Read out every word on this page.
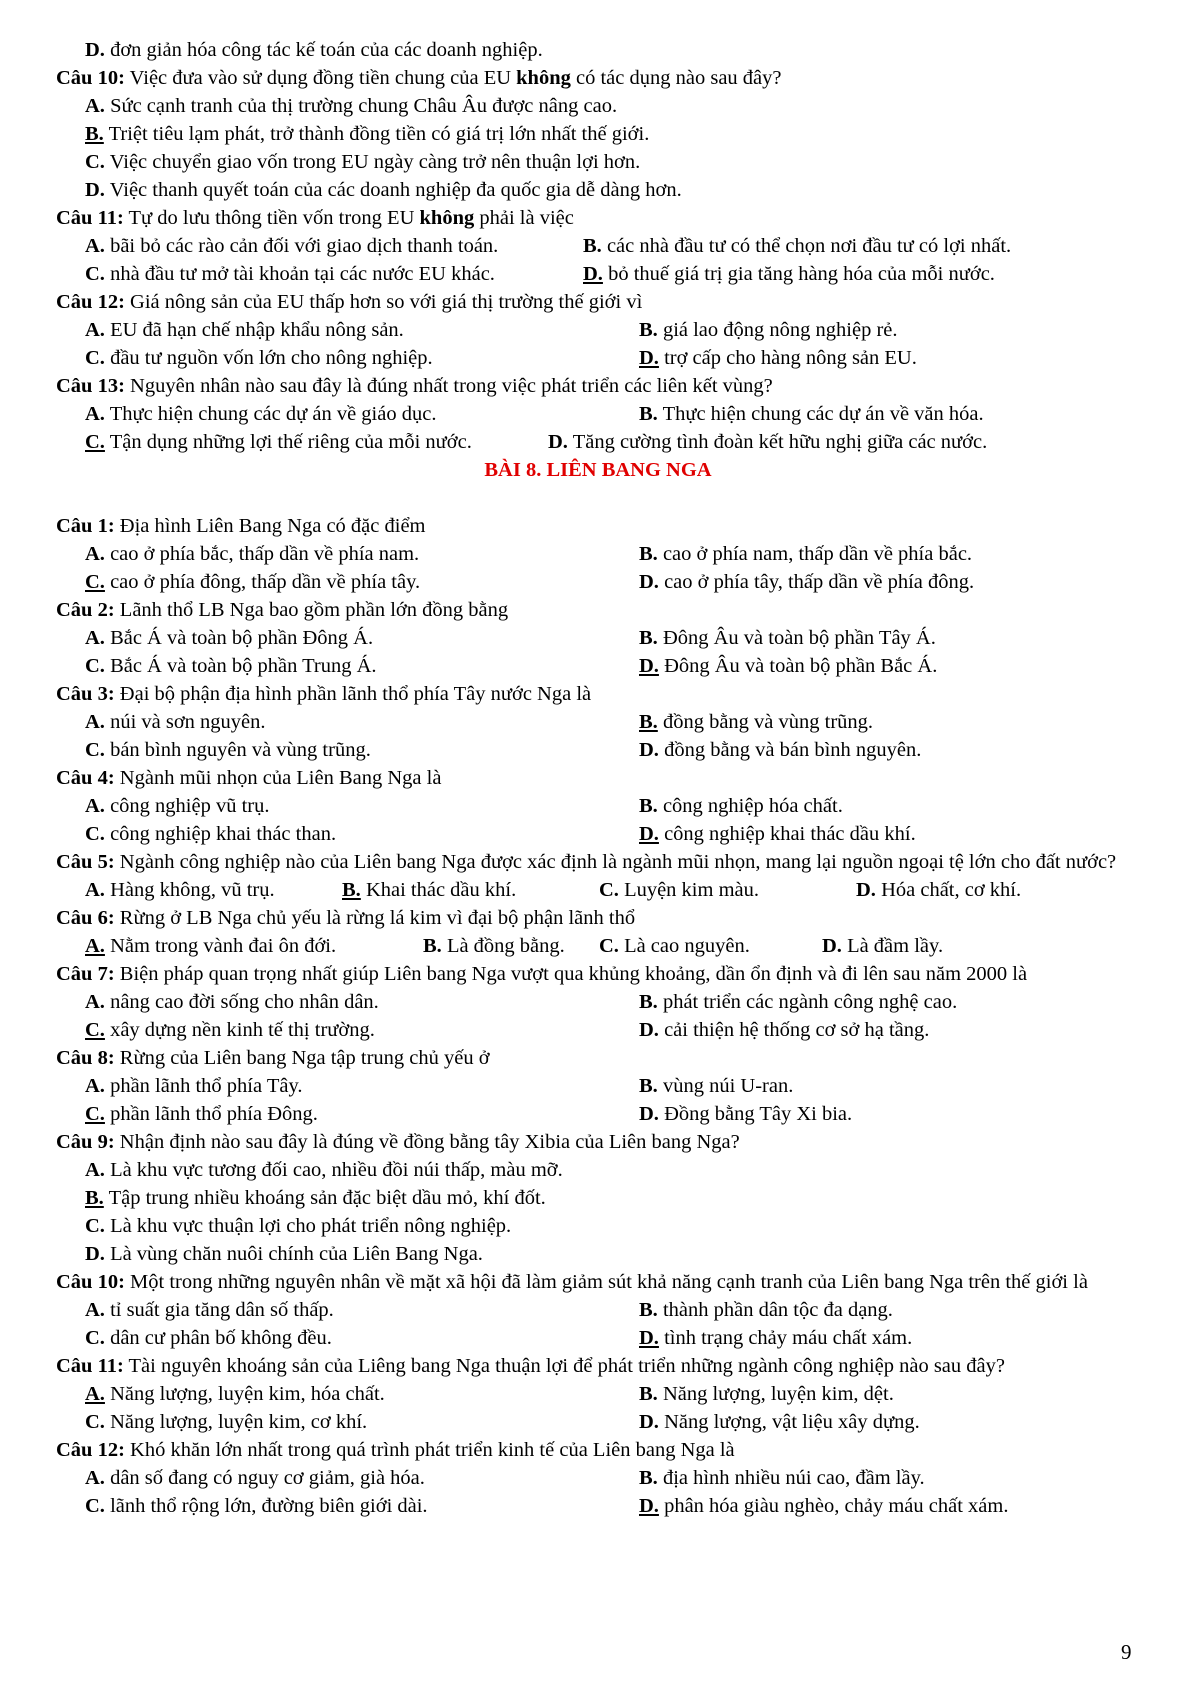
D. đơn giản hóa công tác kế toán của các doanh nghiệp.
Câu 10: Việc đưa vào sử dụng đồng tiền chung của EU không có tác dụng nào sau đây?
A. Sức cạnh tranh của thị trường chung Châu Âu được nâng cao.
B. Triệt tiêu lạm phát, trở thành đồng tiền có giá trị lớn nhất thế giới.
C. Việc chuyển giao vốn trong EU ngày càng trở nên thuận lợi hơn.
D. Việc thanh quyết toán của các doanh nghiệp đa quốc gia dễ dàng hơn.
Câu 11: Tự do lưu thông tiền vốn trong EU không phải là việc
A. bãi bỏ các rào cản đối với giao dịch thanh toán.	B. các nhà đầu tư có thể chọn nơi đầu tư có lợi nhất.
C. nhà đầu tư mở tài khoản tại các nước EU khác.	D. bỏ thuế giá trị gia tăng hàng hóa của mỗi nước.
Câu 12: Giá nông sản của EU thấp hơn so với giá thị trường thế giới vì
A. EU đã hạn chế nhập khẩu nông sản.	B. giá lao động nông nghiệp rẻ.
C. đầu tư nguồn vốn lớn cho nông nghiệp.	D. trợ cấp cho hàng nông sản EU.
Câu 13: Nguyên nhân nào sau đây là đúng nhất trong việc phát triển các liên kết vùng?
A. Thực hiện chung các dự án về giáo dục.	B. Thực hiện chung các dự án về văn hóa.
C. Tận dụng những lợi thế riêng của mỗi nước.	D. Tăng cường tình đoàn kết hữu nghị giữa các nước.
BÀI 8. LIÊN BANG NGA
Câu 1: Địa hình Liên Bang Nga có đặc điểm
A. cao ở phía bắc, thấp dần về phía nam.	B. cao ở phía nam, thấp dần về phía bắc.
C. cao ở phía đông, thấp dần về phía tây.	D. cao ở phía tây, thấp dần về phía đông.
Câu 2: Lãnh thổ LB Nga bao gồm phần lớn đồng bằng
A. Bắc Á và toàn bộ phần Đông Á.	B. Đông Âu và toàn bộ phần Tây Á.
C. Bắc Á và toàn bộ phần Trung Á.	D. Đông Âu và toàn bộ phần Bắc Á.
Câu 3: Đại bộ phận địa hình phần lãnh thổ phía Tây nước Nga là
A. núi và sơn nguyên.	B. đồng bằng và vùng trũng.
C. bán bình nguyên và vùng trũng.	D. đồng bằng và bán bình nguyên.
Câu 4: Ngành mũi nhọn của Liên Bang Nga là
A. công nghiệp vũ trụ.	B. công nghiệp hóa chất.
C. công nghiệp khai thác than.	D. công nghiệp khai thác dầu khí.
Câu 5: Ngành công nghiệp nào của Liên bang Nga được xác định là ngành mũi nhọn, mang lại nguồn ngoại tệ lớn cho đất nước?
A. Hàng không, vũ trụ.	B. Khai thác dầu khí.	C. Luyện kim màu.	D. Hóa chất, cơ khí.
Câu 6: Rừng ở LB Nga chủ yếu là rừng lá kim vì đại bộ phận lãnh thổ
A. Nằm trong vành đai ôn đới.	B. Là đồng bằng. C. Là cao nguyên.	D. Là đầm lầy.
Câu 7: Biện pháp quan trọng nhất giúp Liên bang Nga vượt qua khủng khoảng, dần ổn định và đi lên sau năm 2000 là
A. nâng cao đời sống cho nhân dân.	B. phát triển các ngành công nghệ cao.
C. xây dựng nền kinh tế thị trường.	D. cải thiện hệ thống cơ sở hạ tầng.
Câu 8: Rừng của Liên bang Nga tập trung chủ yếu ở
A. phần lãnh thổ phía Tây.	B. vùng núi U-ran.
C. phần lãnh thổ phía Đông.	D. Đồng bằng Tây Xi bia.
Câu 9: Nhận định nào sau đây là đúng về đồng bằng tây Xibia của Liên bang Nga?
A. Là khu vực tương đối cao, nhiều đồi núi thấp, màu mỡ.
B. Tập trung nhiều khoáng sản đặc biệt dầu mỏ, khí đốt.
C. Là khu vực thuận lợi cho phát triển nông nghiệp.
D. Là vùng chăn nuôi chính của Liên Bang Nga.
Câu 10: Một trong những nguyên nhân về mặt xã hội đã làm giảm sút khả năng cạnh tranh của Liên bang Nga trên thế giới là
A. tỉ suất gia tăng dân số thấp.	B. thành phần dân tộc đa dạng.
C. dân cư phân bố không đều.	D. tình trạng chảy máu chất xám.
Câu 11: Tài nguyên khoáng sản của Liêng bang Nga thuận lợi để phát triển những ngành công nghiệp nào sau đây?
A. Năng lượng, luyện kim, hóa chất.	B. Năng lượng, luyện kim, dệt.
C. Năng lượng, luyện kim, cơ khí.	D. Năng lượng, vật liệu xây dựng.
Câu 12: Khó khăn lớn nhất trong quá trình phát triển kinh tế của Liên bang Nga là
A. dân số đang có nguy cơ giảm, già hóa.	B. địa hình nhiều núi cao, đầm lầy.
C. lãnh thổ rộng lớn, đường biên giới dài.	D. phân hóa giàu nghèo, chảy máu chất xám.
9
